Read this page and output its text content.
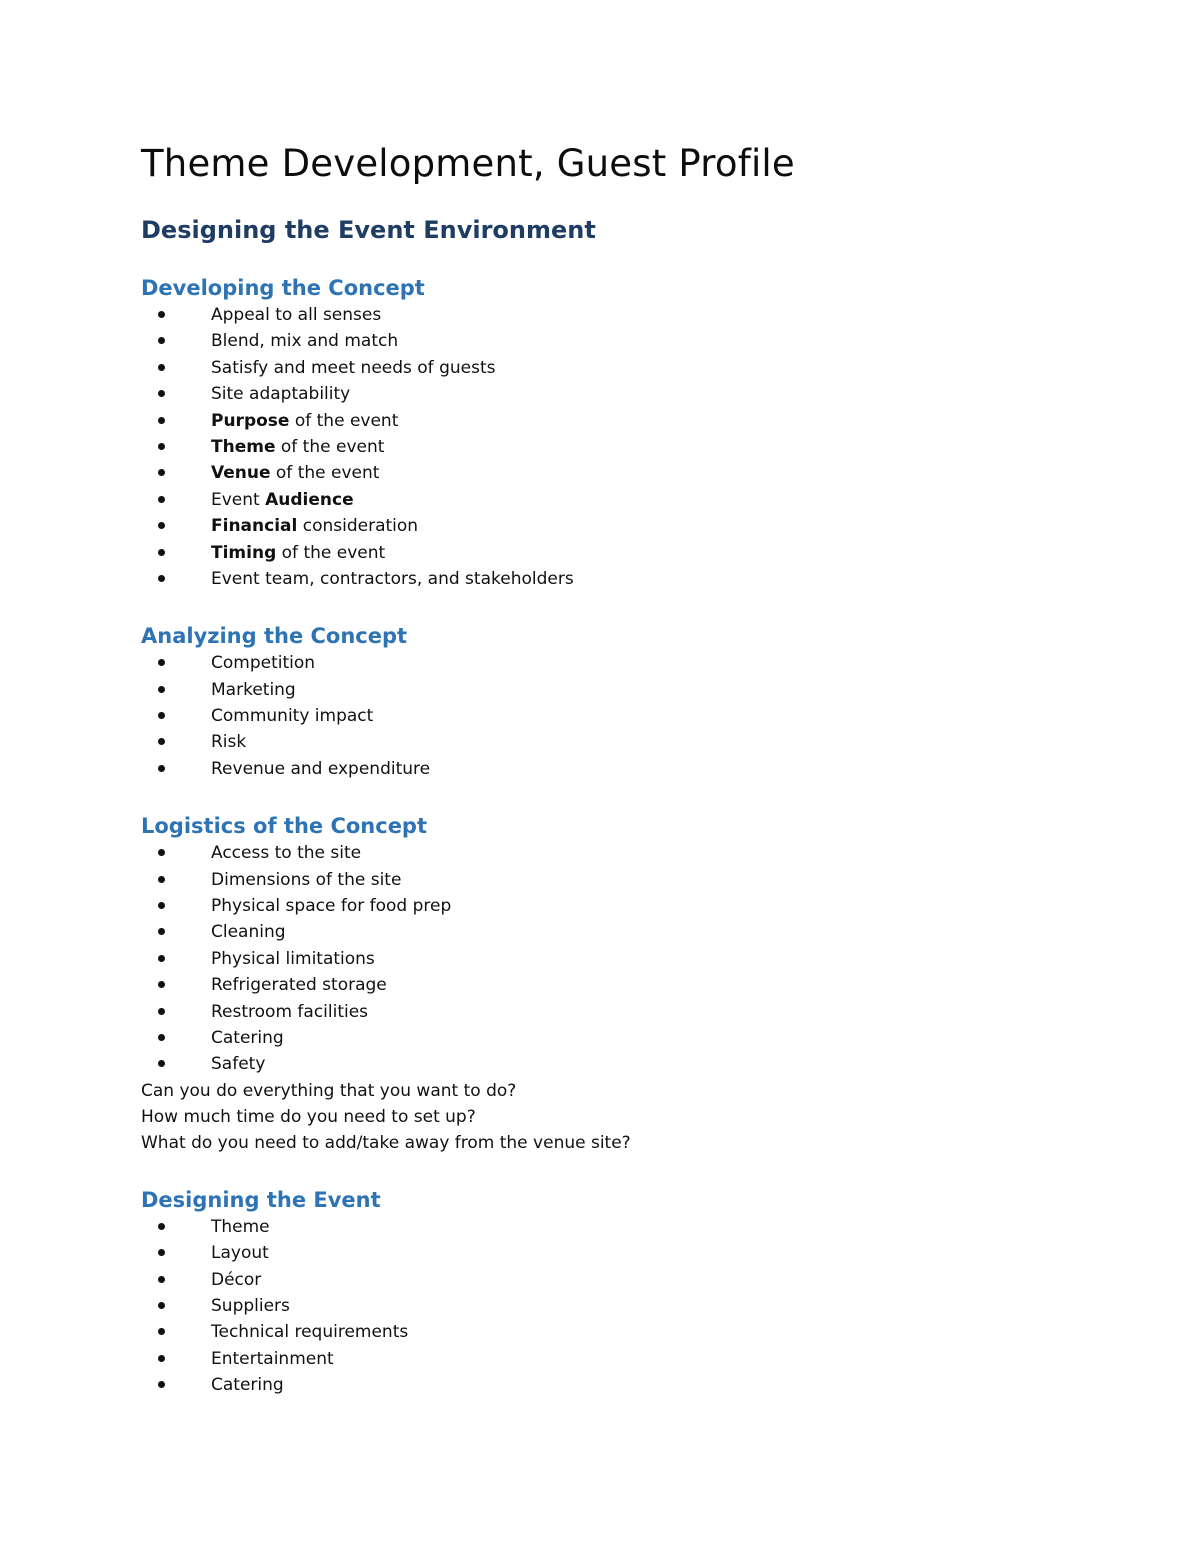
Theme Development, Guest Profile
Designing the Event Environment
Developing the Concept
Appeal to all senses
Blend, mix and match
Satisfy and meet needs of guests
Site adaptability
Purpose of the event
Theme of the event
Venue of the event
Event Audience
Financial consideration
Timing of the event
Event team, contractors, and stakeholders
Analyzing the Concept
Competition
Marketing
Community impact
Risk
Revenue and expenditure
Logistics of the Concept
Access to the site
Dimensions of the site
Physical space for food prep
Cleaning
Physical limitations
Refrigerated storage
Restroom facilities
Catering
Safety

Can you do everything that you want to do?

How much time do you need to set up?

What do you need to add/take away from the venue site?

Designing the Event
Theme
Layout
Décor
Suppliers
Technical requirements
Entertainment
Catering
